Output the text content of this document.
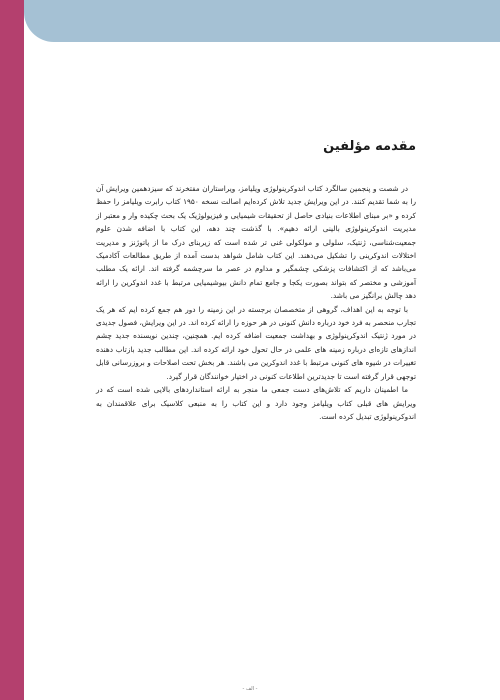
مقدمه مؤلفین

در شصت و پنجمین سالگرد کتاب اندوکرینولوژی ویلیامز، ویراستاران مفتخرند که سیزدهمین ویرایش آن را به شما تقدیم کنند. در این ویرایش جدید تلاش کرده‌ایم اصالت نسخه ۱۹۵۰ کتاب رابرت ویلیامز را حفظ کرده و «بر مبنای اطلاعات بنیادی حاصل از تحقیقات شیمیایی و فیزیولوژیک یک بحث چکیده وار و معتبر از مدیریت اندوکرینولوژی بالینی ارائه دهیم». با گذشت چند دهه، این کتاب با اضافه شدن علوم جمعیت‌شناسی، ژنتیک، سلولی و مولکولی غنی تر شده است که زیربنای درک ما از پاتوژنز و مدیریت اختلالات اندوکرینی را تشکیل می‌دهند. این کتاب شامل شواهد بدست آمده از طریق مطالعات آکادمیک می‌باشد که از اکتشافات پزشکی چشمگیر و مداوم در عصر ما سرچشمه گرفته اند. ارائه یک مطلب آموزشی و مختصر که بتواند بصورت یکجا و جامع تمام دانش بیوشیمیایی مرتبط با غدد اندوکرین را ارائه دهد چالش برانگیز می باشد.

با توجه به این اهداف، گروهی از متخصصان برجسته در این زمینه را دور هم جمع کرده ایم که هر یک تجارب منحصر به فرد خود درباره دانش کنونی در هر حوزه را ارائه کرده اند. در این ویرایش، فصول جدیدی در مورد ژنتیک اندوکرینولوژی و بهداشت جمعیت اضافه کرده ایم. همچنین، چندین نویسنده جدید چشم اندازهای تازه‌ای درباره زمینه های علمی در حال تحول خود ارائه کرده اند. این مطالب جدید بازتاب دهنده تغییرات در شیوه های کنونی مرتبط با غدد اندوکرین می باشند. هر بخش تحت اصلاحات و بروزرسانی قابل توجهی قرار گرفته است تا جدیدترین اطلاعات کنونی در اختیار خوانندگان قرار گیرد.

ما اطمینان داریم که تلاش‌های دست جمعی ما منجر به ارائه استانداردهای بالایی شده است که در ویرایش های قبلی کتاب ویلیامز وجود دارد و این کتاب را به منبعی کلاسیک برای علاقمندان به اندوکرینولوژی تبدیل کرده است.

- الف -
